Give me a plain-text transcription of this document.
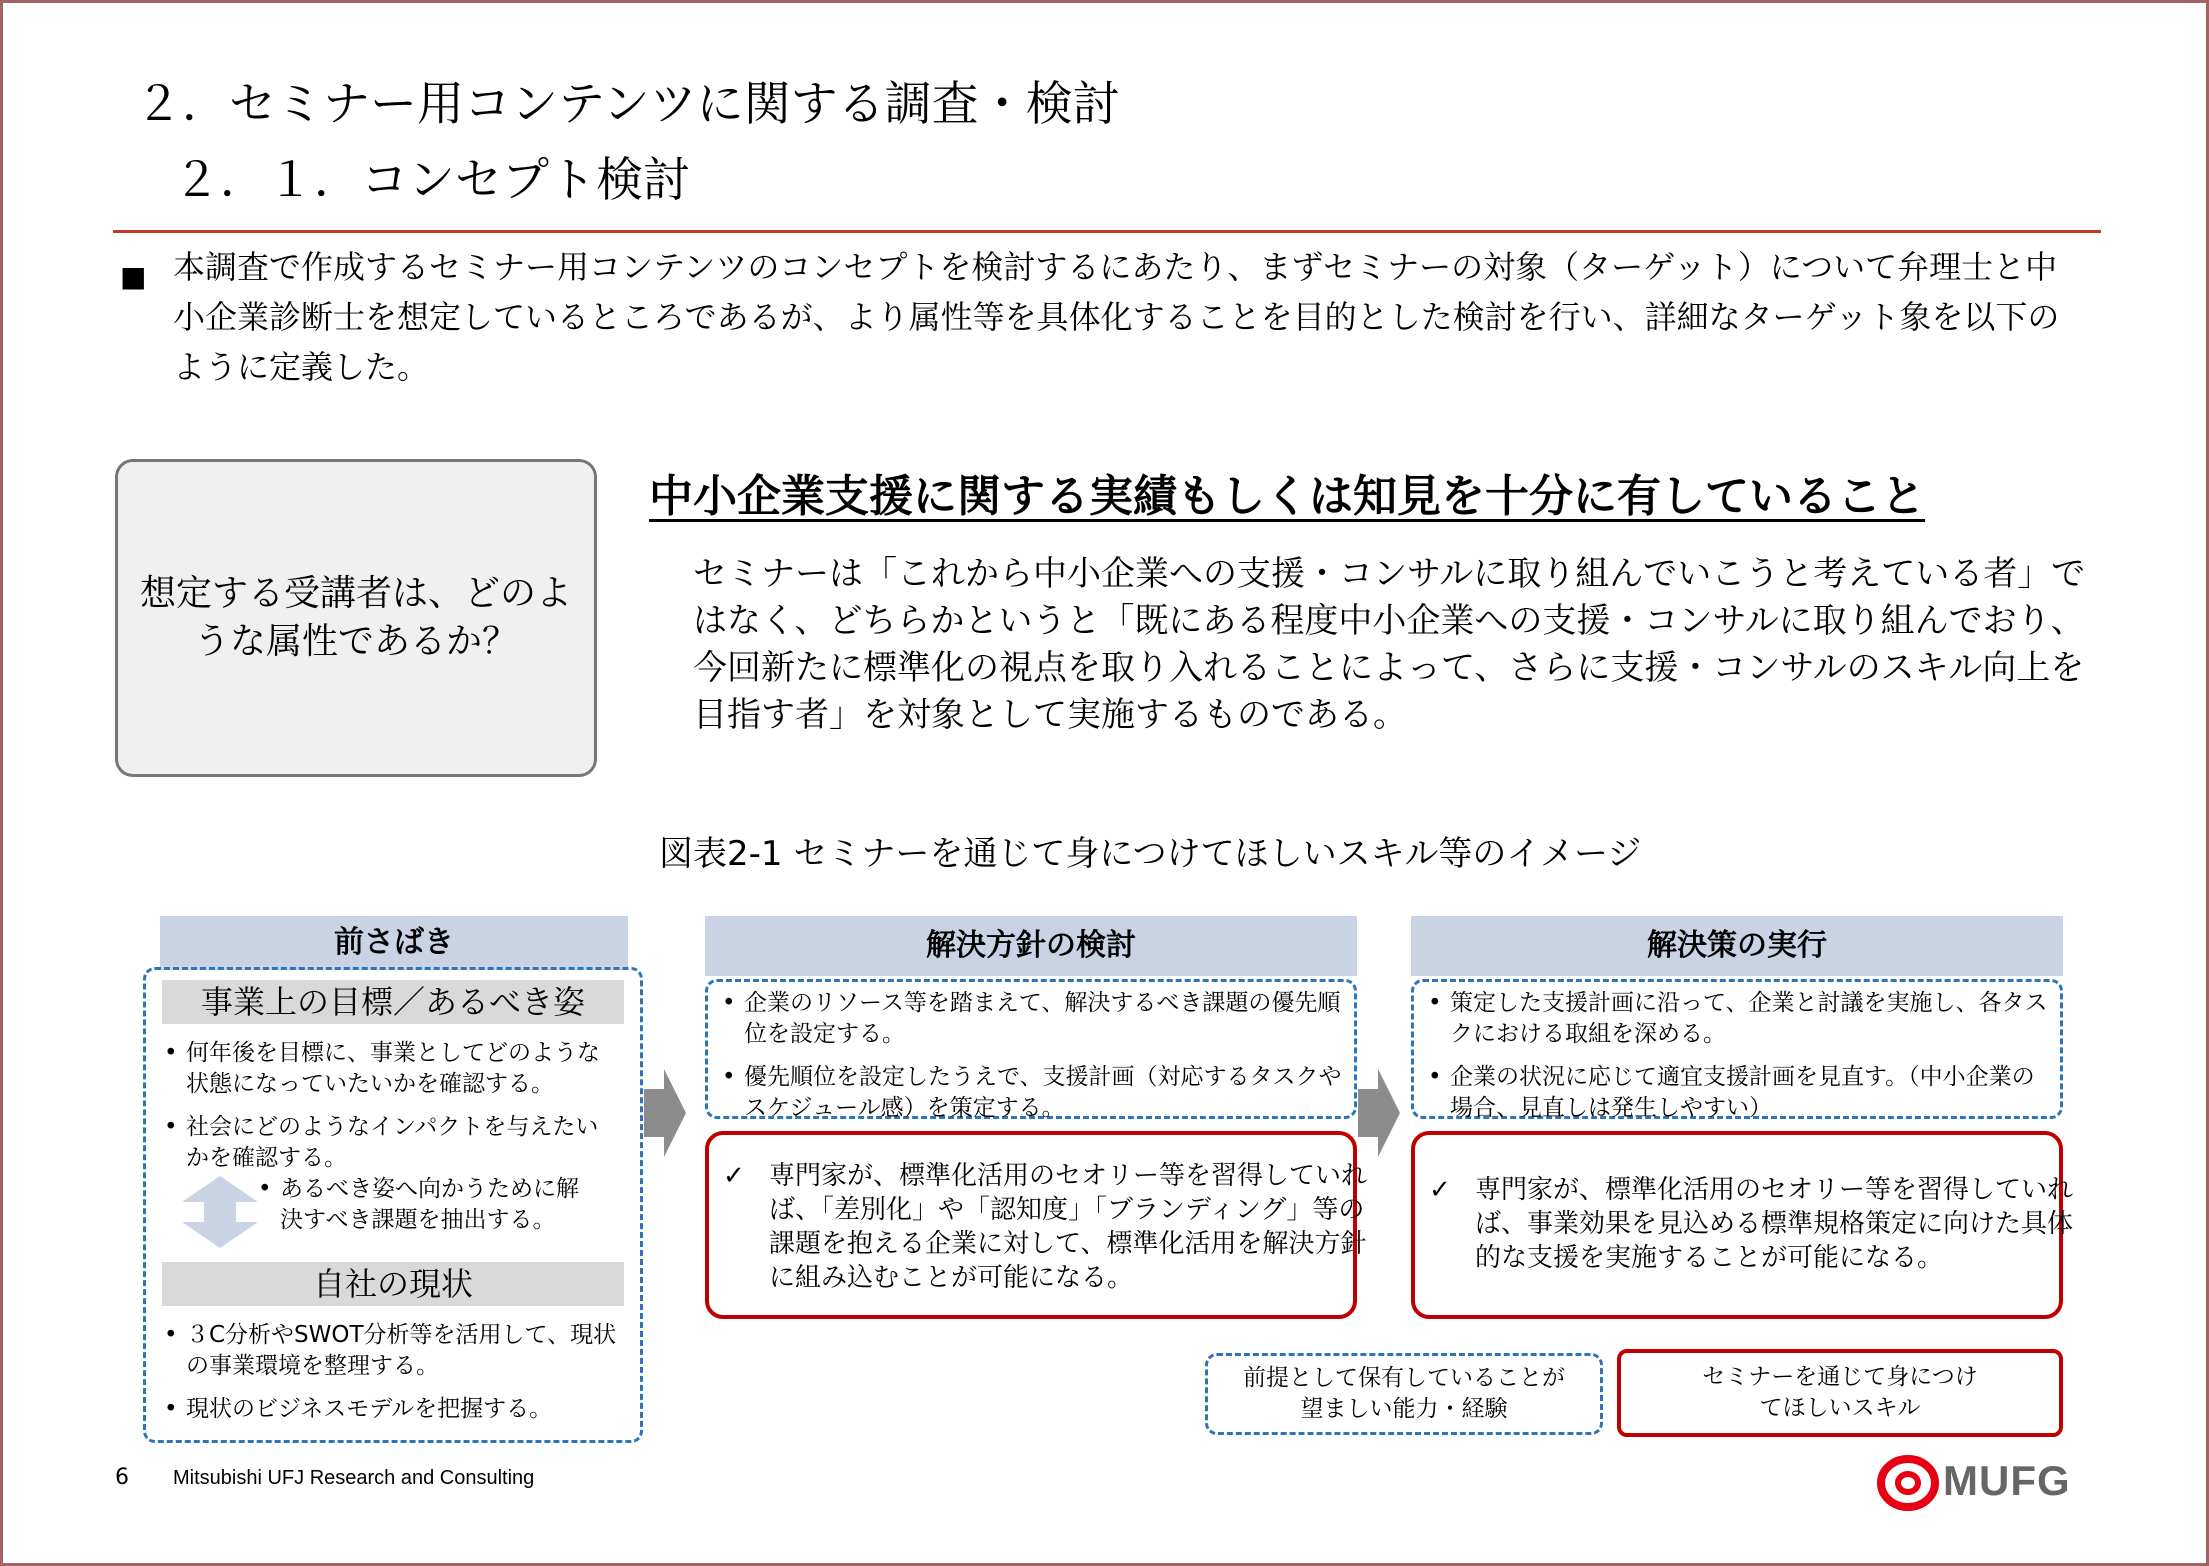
２．セミナー用コンテンツに関する調査・検討
２．１．コンセプト検討
■ 本調査で作成するセミナー用コンテンツのコンセプトを検討するにあたり、まずセミナーの対象（ターゲット）について弁理士と中小企業診断士を想定しているところであるが、より属性等を具体化することを目的とした検討を行い、詳細なターゲット象を以下のように定義した。
想定する受講者は、どのような属性であるか？
中小企業支援に関する実績もしくは知見を十分に有していること
セミナーは「これから中小企業への支援・コンサルに取り組んでいこうと考えている者」ではなく、どちらかというと「既にある程度中小企業への支援・コンサルに取り組んでおり、今回新たに標準化の視点を取り入れることによって、さらに支援・コンサルのスキル向上を目指す者」を対象として実施するものである。
図表2-1 セミナーを通じて身につけてほしいスキル等のイメージ
前さばき
事業上の目標／あるべき姿
• 何年後を目標に、事業としてどのような状態になっていたいかを確認する。
• 社会にどのようなインパクトを与えたいかを確認する。
• あるべき姿へ向かうために解決すべき課題を抽出する。
自社の現状
• ３C分析やSWOT分析等を活用して、現状の事業環境を整理する。
• 現状のビジネスモデルを把握する。
解決方針の検討
• 企業のリソース等を踏まえて、解決するべき課題の優先順位を設定する。
• 優先順位を設定したうえで、支援計画（対応するタスクやスケジュール感）を策定する。
✓ 専門家が、標準化活用のセオリー等を習得していれば、「差別化」や「認知度」「ブランディング」等の課題を抱える企業に対して、標準化活用を解決方針に組み込むことが可能になる。
解決策の実行
• 策定した支援計画に沿って、企業と討議を実施し、各タスクにおける取組を深める。
• 企業の状況に応じて適宜支援計画を見直す。（中小企業の場合、見直しは発生しやすい）
✓ 専門家が、標準化活用のセオリー等を習得していれば、事業効果を見込める標準規格策定に向けた具体的な支援を実施することが可能になる。
前提として保有していることが望ましい能力・経験
セミナーを通じて身につけてほしいスキル
6 Mitsubishi UFJ Research and Consulting	MUFG
